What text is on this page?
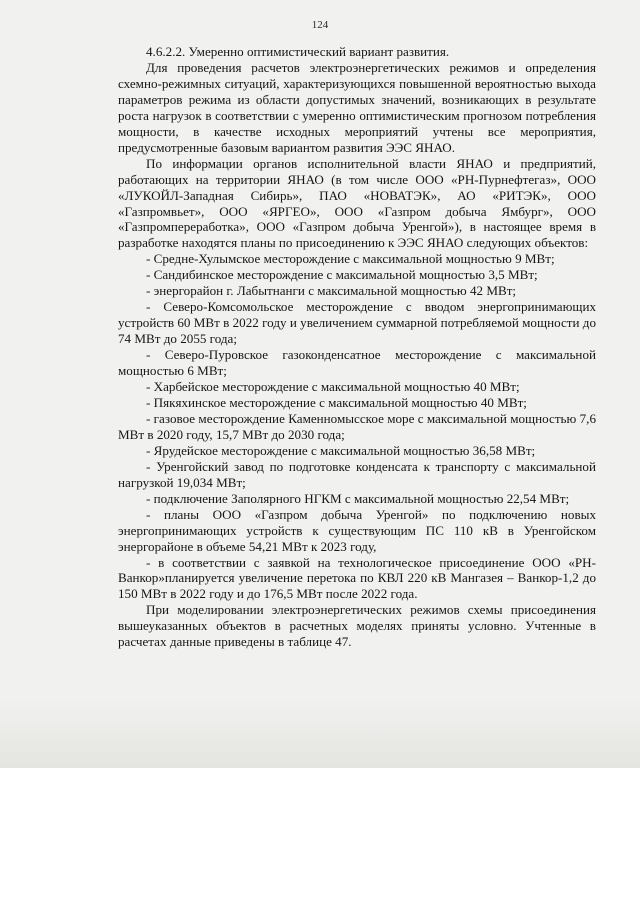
124

4.6.2.2. Умеренно оптимистический вариант развития.

Для проведения расчетов электроэнергетических режимов и определения схемно-режимных ситуаций, характеризующихся повышенной вероятностью выхода параметров режима из области допустимых значений, возникающих в результате роста нагрузок в соответствии с умеренно оптимистическим прогнозом потребления мощности, в качестве исходных мероприятий учтены все мероприятия, предусмотренные базовым вариантом развития ЭЭС ЯНАО.

По информации органов исполнительной власти ЯНАО и предприятий, работающих на территории ЯНАО (в том числе ООО «РН-Пурнефтегаз», ООО «ЛУКОЙЛ-Западная Сибирь», ПАО «НОВАТЭК», АО «РИТЭК», ООО «Газпромвьет», ООО «ЯРГЕО», ООО «Газпром добыча Ямбург», ООО «Газпромпереработка», ООО «Газпром добыча Уренгой»), в настоящее время в разработке находятся планы по присоединению к ЭЭС ЯНАО следующих объектов:

- Средне-Хулымское месторождение с максимальной мощностью 9 МВт;

- Сандибинское месторождение с максимальной мощностью 3,5 МВт;

- энергорайон г. Лабытнанги с максимальной мощностью 42 МВт;

- Северо-Комсомольское месторождение с вводом энергопринимающих устройств 60 МВт в 2022 году и увеличением суммарной потребляемой мощности до 74 МВт до 2055 года;

- Северо-Пуровское газоконденсатное месторождение с максимальной мощностью 6 МВт;

- Харбейское месторождение с максимальной мощностью 40 МВт;

- Пякяхинское месторождение с максимальной мощностью 40 МВт;

- газовое месторождение Каменномысское море с максимальной мощностью 7,6 МВт в 2020 году, 15,7 МВт до 2030 года;

- Ярудейское месторождение с максимальной мощностью 36,58 МВт;

- Уренгойский завод по подготовке конденсата к транспорту с максимальной нагрузкой 19,034 МВт;

- подключение Заполярного НГКМ с максимальной мощностью 22,54 МВт;

- планы ООО «Газпром добыча Уренгой» по подключению новых энергопринимающих устройств к существующим ПС 110 кВ в Уренгойском энергорайоне в объеме 54,21 МВт к 2023 году,

- в соответствии с заявкой на технологическое присоединение ООО «РН-Ванкор»планируется увеличение перетока по КВЛ 220 кВ Мангазея – Ванкор-1,2 до 150 МВт в 2022 году и до 176,5 МВт после 2022 года.

При моделировании электроэнергетических режимов схемы присоединения вышеуказанных объектов в расчетных моделях приняты условно. Учтенные в расчетах данные приведены в таблице 47.
